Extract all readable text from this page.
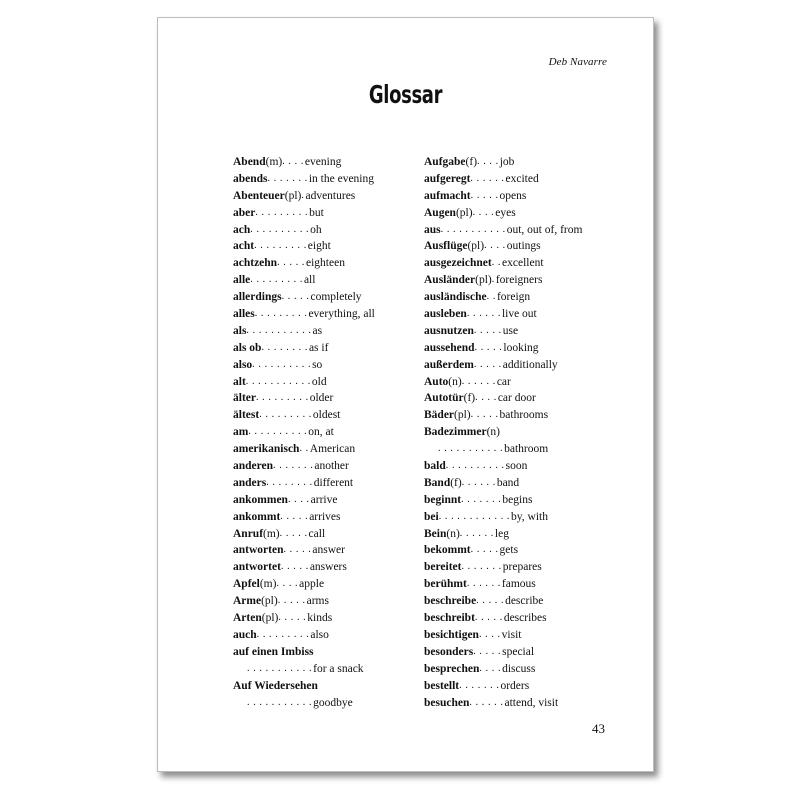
Deb Navarre
Glossar
Abend (m) . . . . evening
abends . . . . . . . in the evening
Abenteuer (pl) . adventures
aber . . . . . . . . . but
ach . . . . . . . . . . oh
acht . . . . . . . . . eight
achtzehn . . . . . eighteen
alle . . . . . . . . . all
allerdings . . . . . completely
alles . . . . . . . . . everything, all
als . . . . . . . . . . . as
als ob . . . . . . . . as if
also . . . . . . . . . . so
alt . . . . . . . . . . . old
älter . . . . . . . . . older
ältest . . . . . . . . . oldest
am . . . . . . . . . . on, at
amerikanisch . . American
anderen . . . . . . . another
anders . . . . . . . . different
ankommen . . . . arrive
ankommt . . . . . arrives
Anruf (m) . . . . . call
antworten . . . . . answer
antwortet . . . . . answers
Apfel (m) . . . . apple
Arme (pl) . . . . . arms
Arten (pl) . . . . . kinds
auch . . . . . . . . . also
auf einen Imbiss
. . . . . . . . . . . for a snack
Auf Wiedersehen
. . . . . . . . . . . goodbye
Aufgabe (f) . . . . job
aufgeregt . . . . . . excited
aufmacht . . . . . opens
Augen (pl) . . . . eyes
aus . . . . . . . . . . . out, out of, from
Ausflüge (pl) . . . . outings
ausgezeichnet . . excellent
Ausländer (pl) . foreigners
ausländische . . foreign
ausleben . . . . . . live out
ausnutzen . . . . . use
aussehend . . . . . looking
außerdem . . . . . additionally
Auto (n) . . . . . . car
Autotür (f) . . . . car door
Bäder (pl) . . . . . bathrooms
Badezimmer (n)
. . . . . . . . . . . bathroom
bald . . . . . . . . . . soon
Band (f) . . . . . . band
beginnt . . . . . . . begins
bei . . . . . . . . . . . . by, with
Bein (n) . . . . . . leg
bekommt . . . . . gets
bereitet . . . . . . . prepares
berühmt . . . . . . famous
beschreibe . . . . . describe
beschreibt . . . . . describes
besichtigen . . . . visit
besonders . . . . . special
besprechen . . . . discuss
bestellt . . . . . . . orders
besuchen . . . . . . attend, visit
43
